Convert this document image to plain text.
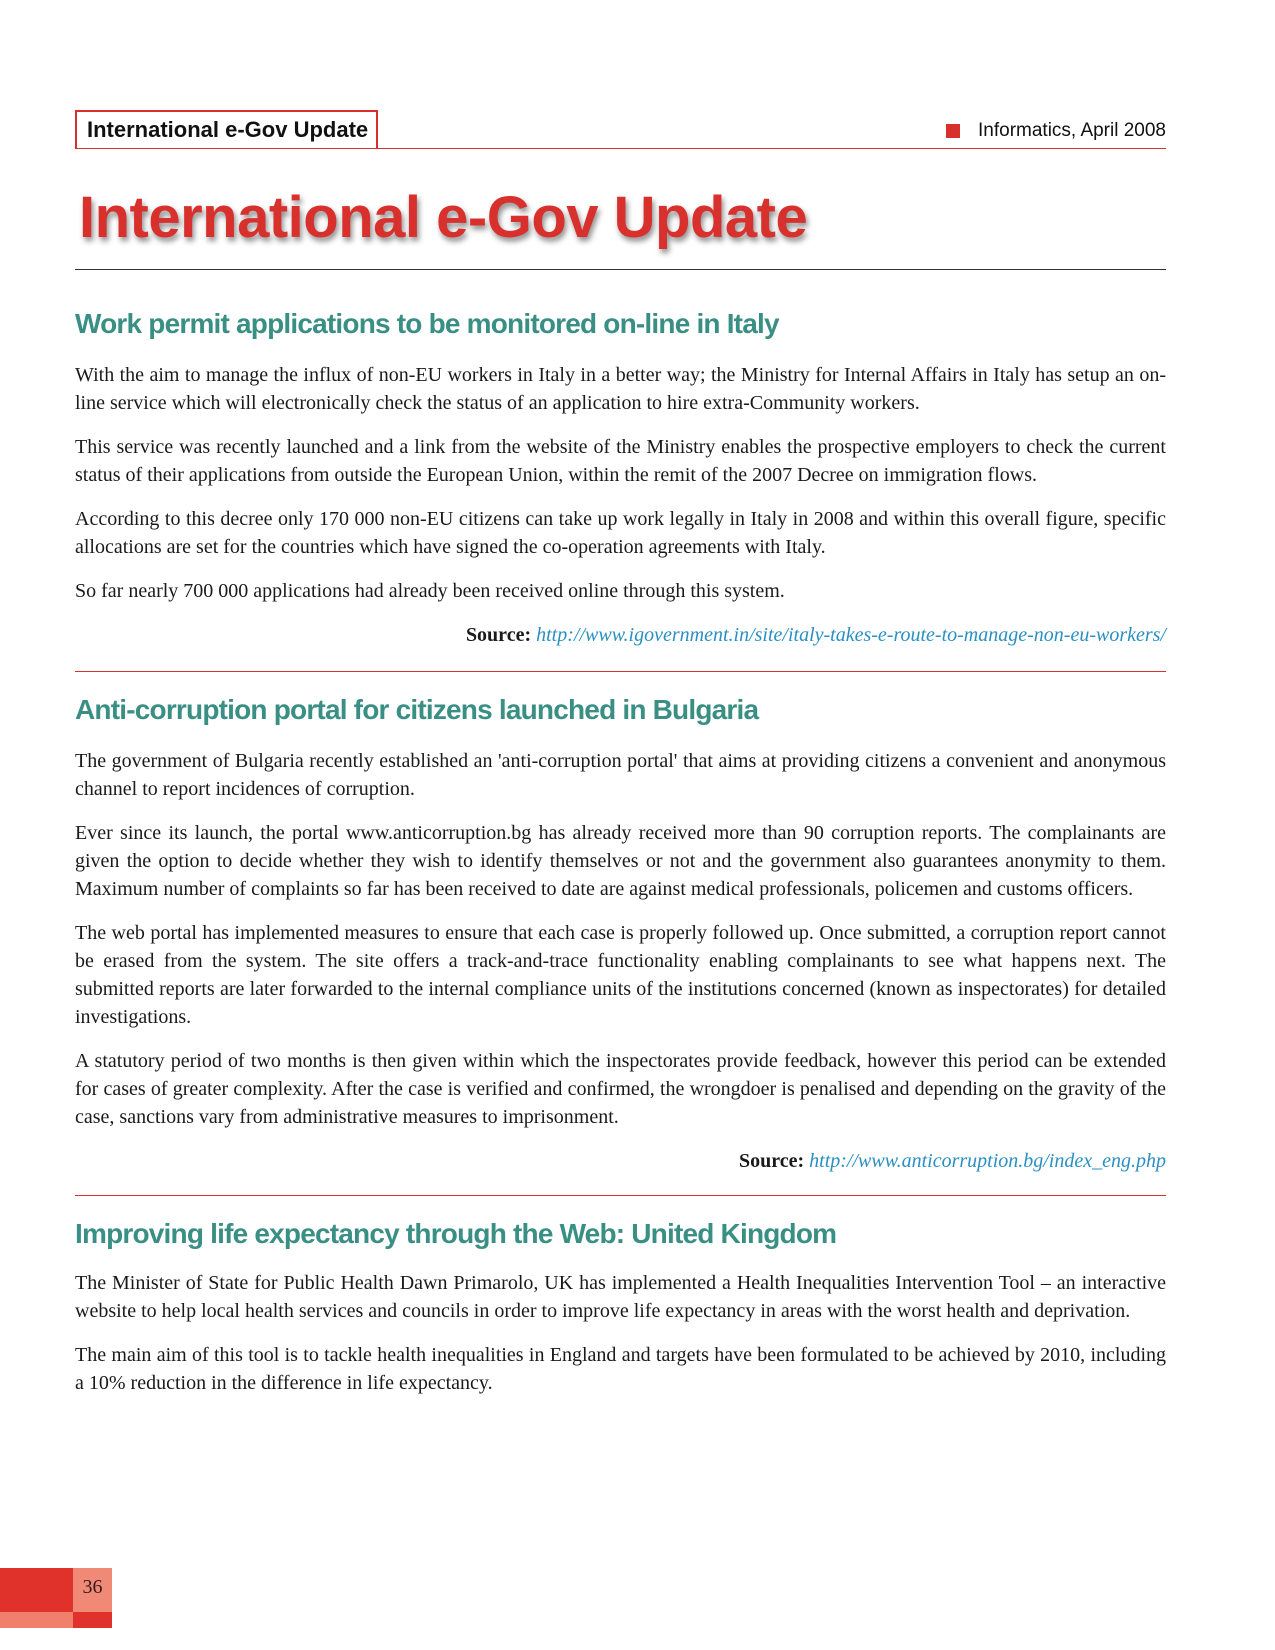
International e-Gov Update	Informatics, April 2008
International e-Gov Update
Work permit applications to be monitored on-line in Italy

With the aim to manage the influx of non-EU workers in Italy in a better way; the Ministry for Internal Affairs in Italy has setup an on-line service which will electronically check the status of an application to hire extra-Community workers.

This service was recently launched and a link from the website of the Ministry enables the prospective employers to check the current status of their applications from outside the European Union, within the remit of the 2007 Decree on immigration flows.

According to this decree only 170 000 non-EU citizens can take up work legally in Italy in 2008 and within this overall figure, specific allocations are set for the countries which have signed the co-operation agreements with Italy.

So far nearly 700 000 applications had already been received online through this system.

Source: http://www.igovernment.in/site/italy-takes-e-route-to-manage-non-eu-workers/

Anti-corruption portal for citizens launched in Bulgaria

The government of Bulgaria recently established an 'anti-corruption portal' that aims at providing citizens a convenient and anonymous channel to report incidences of corruption.

Ever since its launch, the portal www.anticorruption.bg has already received more than 90 corruption reports. The complainants are given the option to decide whether they wish to identify themselves or not and the government also guarantees anonymity to them. Maximum number of complaints so far has been received to date are against medical professionals, policemen and customs officers.

The web portal has implemented measures to ensure that each case is properly followed up. Once submitted, a corruption report cannot be erased from the system. The site offers a track-and-trace functionality enabling complainants to see what happens next. The submitted reports are later forwarded to the internal compliance units of the institutions concerned (known as inspectorates) for detailed investigations.

A statutory period of two months is then given within which the inspectorates provide feedback, however this period can be extended for cases of greater complexity. After the case is verified and confirmed, the wrongdoer is penalised and depending on the gravity of the case, sanctions vary from administrative measures to imprisonment.

Source: http://www.anticorruption.bg/index_eng.php

Improving life expectancy through the Web: United Kingdom

The Minister of State for Public Health Dawn Primarolo, UK has implemented a Health Inequalities Intervention Tool – an interactive website to help local health services and councils in order to improve life expectancy in areas with the worst health and deprivation.

The main aim of this tool is to tackle health inequalities in England and targets have been formulated to be achieved by 2010, including a 10% reduction in the difference in life expectancy.

36
